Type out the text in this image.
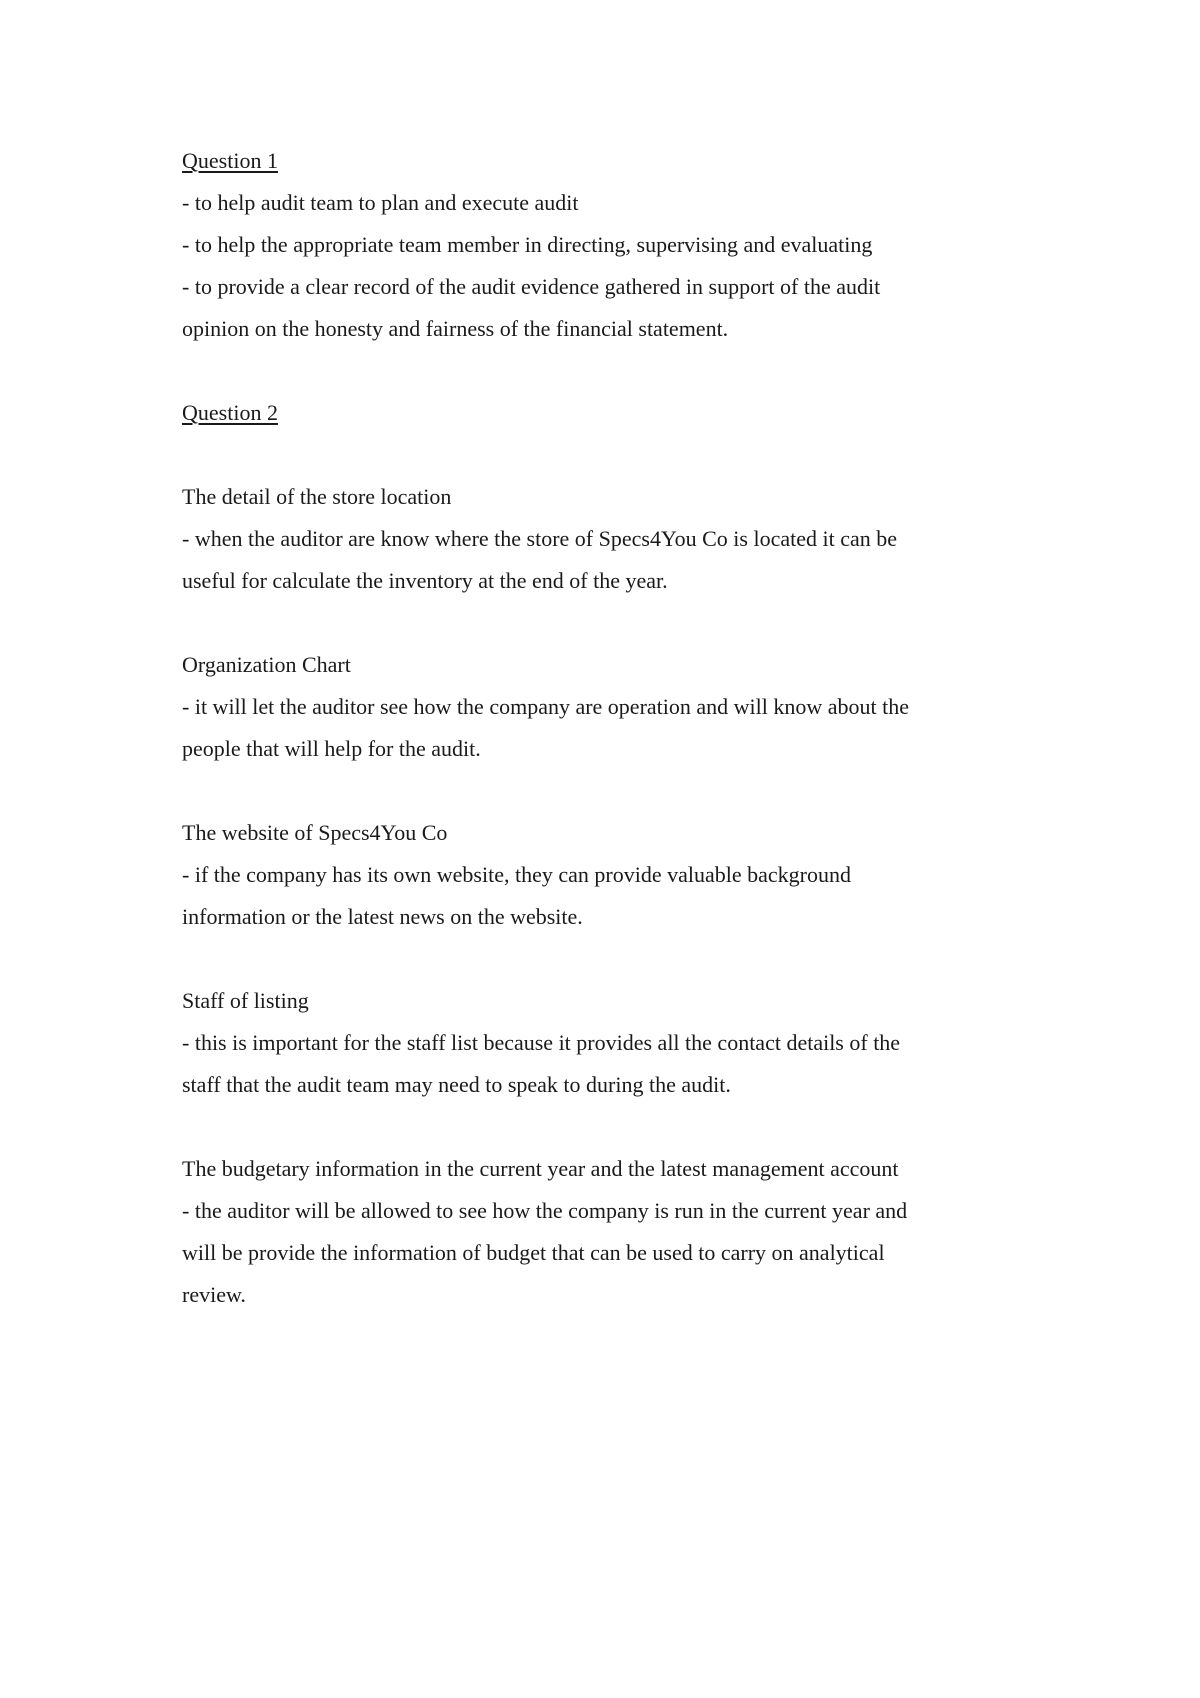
Question 1
- to help audit team to plan and execute audit
- to help the appropriate team member in directing, supervising and evaluating
- to provide a clear record of the audit evidence gathered in support of the audit
opinion on the honesty and fairness of the financial statement.
Question 2
The detail of the store location
- when the auditor are know where the store of Specs4You Co is located it can be
useful for calculate the inventory at the end of the year.
Organization Chart
- it will let the auditor see how the company are operation and will know about the
people that will help for the audit.
The website of Specs4You Co
- if the company has its own website, they can provide valuable background
information or the latest news on the website.
Staff of listing
- this is important for the staff list because it provides all the contact details of the
staff that the audit team may need to speak to during the audit.
The budgetary information in the current year and the latest management account
- the auditor will be allowed to see how the company is run in the current year and
will be provide the information of budget that can be used to carry on analytical
review.
